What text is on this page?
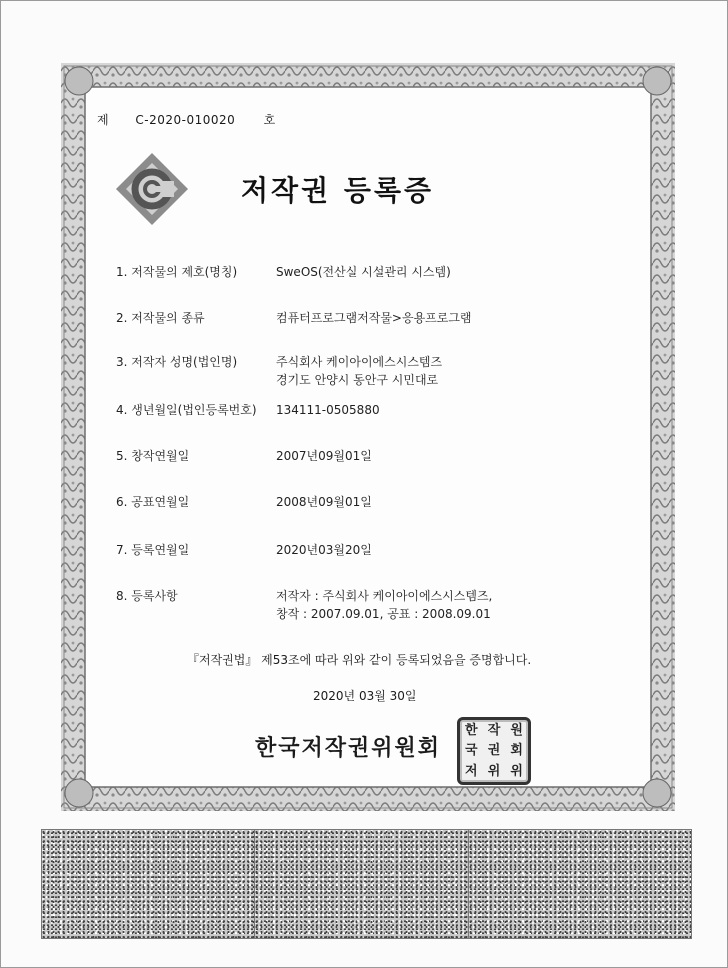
제 C-2020-010020 호
저작권 등록증
1. 저작물의 제호(명칭)	SweOS(전산실 시설관리 시스템)
2. 저작물의 종류	컴퓨터프로그램저작물>응용프로그램
3. 저작자 성명(법인명)	주식회사 케이아이에스시스템즈
경기도 안양시 동안구 시민대로
4. 생년월일(법인등록번호) 134111-0505880
5. 창작연월일	2007년09월01일
6. 공표연월일	2008년09월01일
7. 등록연월일	2020년03월20일
8. 등록사항	저작자 : 주식회사 케이아이에스시스템즈,
창작 : 2007.09.01, 공표 : 2008.09.01
『저작권법』 제53조에 따라 위와 같이 등록되었음을 증명합니다.
2020년 03월 30일
한국저작권위원회
한 작 원
국 권 회
저 위 위
